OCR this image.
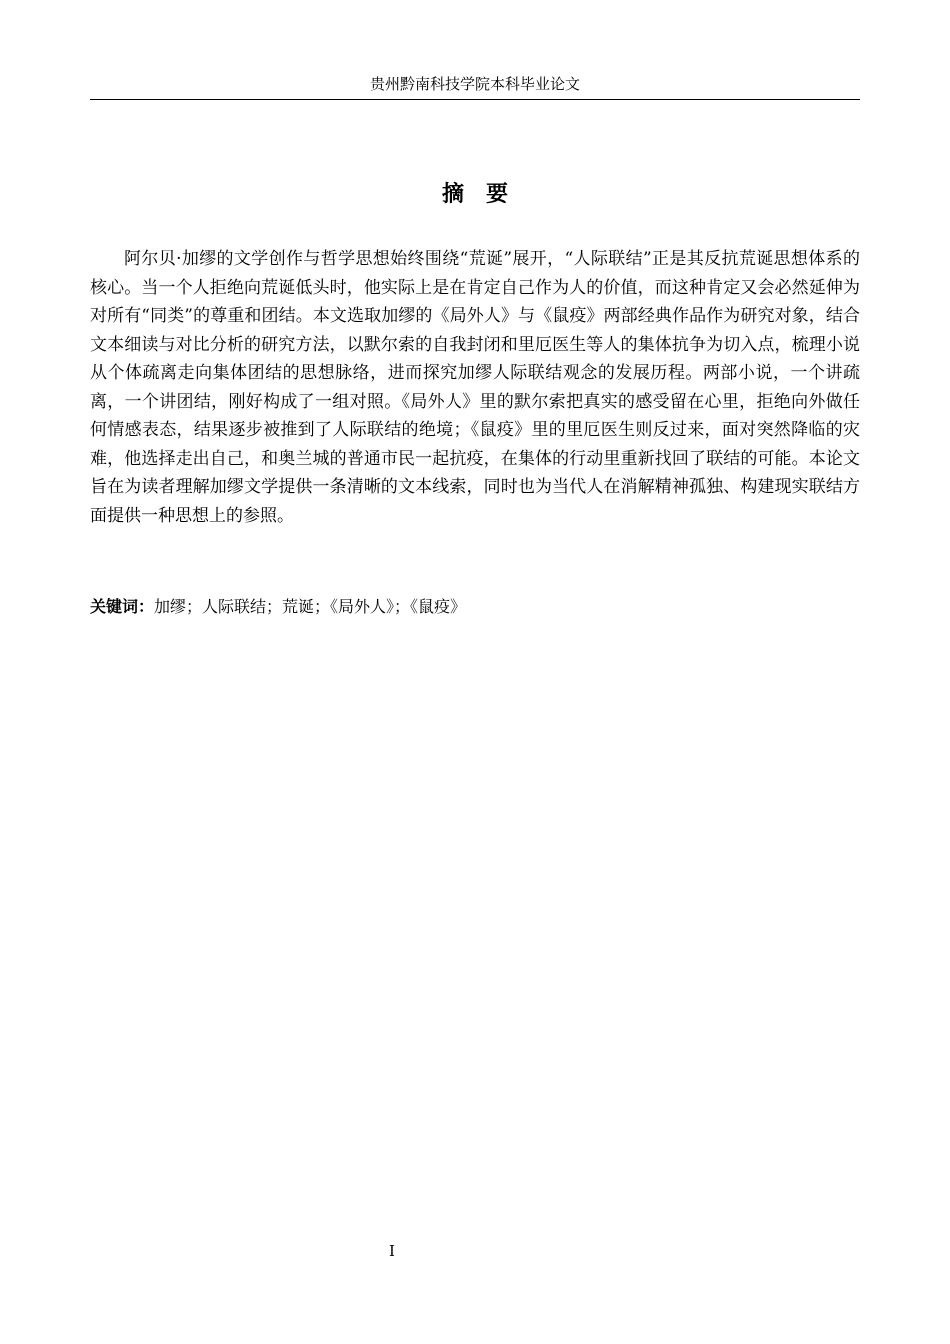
贵州黔南科技学院本科毕业论文
摘　要

阿尔贝·加缪的文学创作与哲学思想始终围绕“荒诞”展开，“人际联结”正是其反抗荒诞思想体系的核心。当一个人拒绝向荒诞低头时，他实际上是在肯定自己作为人的价值，而这种肯定又会必然延伸为对所有“同类”的尊重和团结。本文选取加缪的《局外人》与《鼠疫》两部经典作品作为研究对象，结合文本细读与对比分析的研究方法，以默尔索的自我封闭和里厄医生等人的集体抗争为切入点，梳理小说从个体疏离走向集体团结的思想脉络，进而探究加缪人际联结观念的发展历程。两部小说，一个讲疏离，一个讲团结，刚好构成了一组对照。《局外人》里的默尔索把真实的感受留在心里，拒绝向外做任何情感表态，结果逐步被推到了人际联结的绝境；《鼠疫》里的里厄医生则反过来，面对突然降临的灾难，他选择走出自己，和奥兰城的普通市民一起抗疫，在集体的行动里重新找回了联结的可能。本论文旨在为读者理解加缪文学提供一条清晰的文本线索，同时也为当代人在消解精神孤独、构建现实联结方面提供一种思想上的参照。

关键词：加缪；人际联结；荒诞；《局外人》；《鼠疫》
I
